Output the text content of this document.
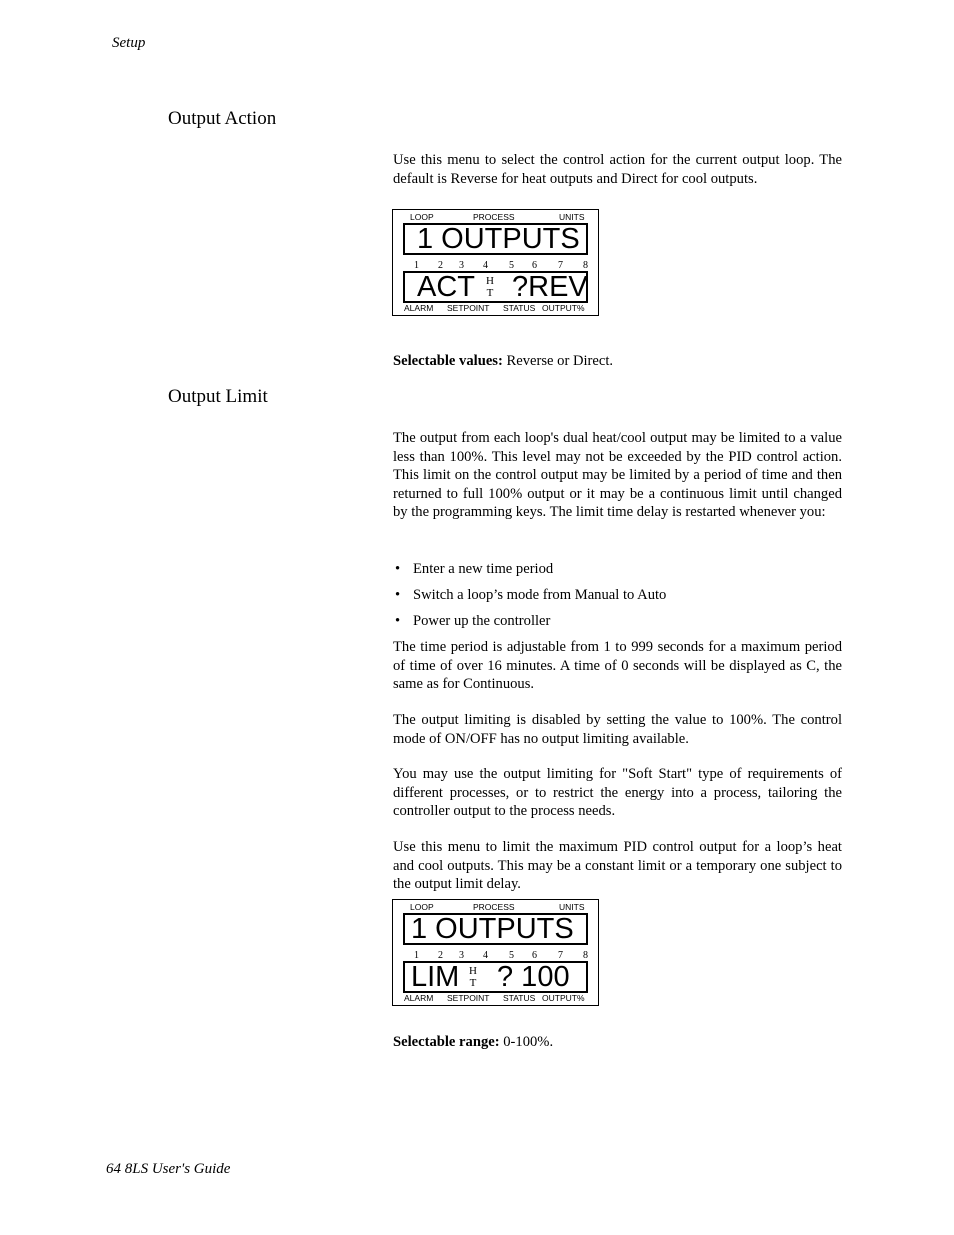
Setup
Output Action
Use this menu to select the control action for the current output loop. The default is Reverse for heat outputs and Direct for cool outputs.
LOOP	PROCESS	UNITS
1 OUTPUTS
1 2 3 4 5 6 7 8
ACT H
T ?REV
ALARM SETPOINT STATUS OUTPUT%
Selectable values: Reverse or Direct.
Output Limit
The output from each loop's dual heat/cool output may be limited to a value less than 100%. This level may not be exceeded by the PID control action. This limit on the control output may be limited by a period of time and then returned to full 100% output or it may be a continuous limit until changed by the programming keys. The limit time delay is restarted whenever you:
• Enter a new time period
• Switch a loop’s mode from Manual to Auto
• Power up the controller
The time period is adjustable from 1 to 999 seconds for a maximum period of time of over 16 minutes. A time of 0 seconds will be displayed as C, the same as for Continuous.
The output limiting is disabled by setting the value to 100%. The control mode of ON/OFF has no output limiting available.
You may use the output limiting for "Soft Start" type of requirements of different processes, or to restrict the energy into a process, tailoring the controller output to the process needs.
Use this menu to limit the maximum PID control output for a loop’s heat and cool outputs. This may be a constant limit or a temporary one subject to the output limit delay.
LOOP	PROCESS	UNITS
1 OUTPUTS
1 2 3 4 5 6 7 8
LIM H
T ? 100
ALARM SETPOINT STATUS OUTPUT%
Selectable range: 0-100%.
64 8LS User's Guide
